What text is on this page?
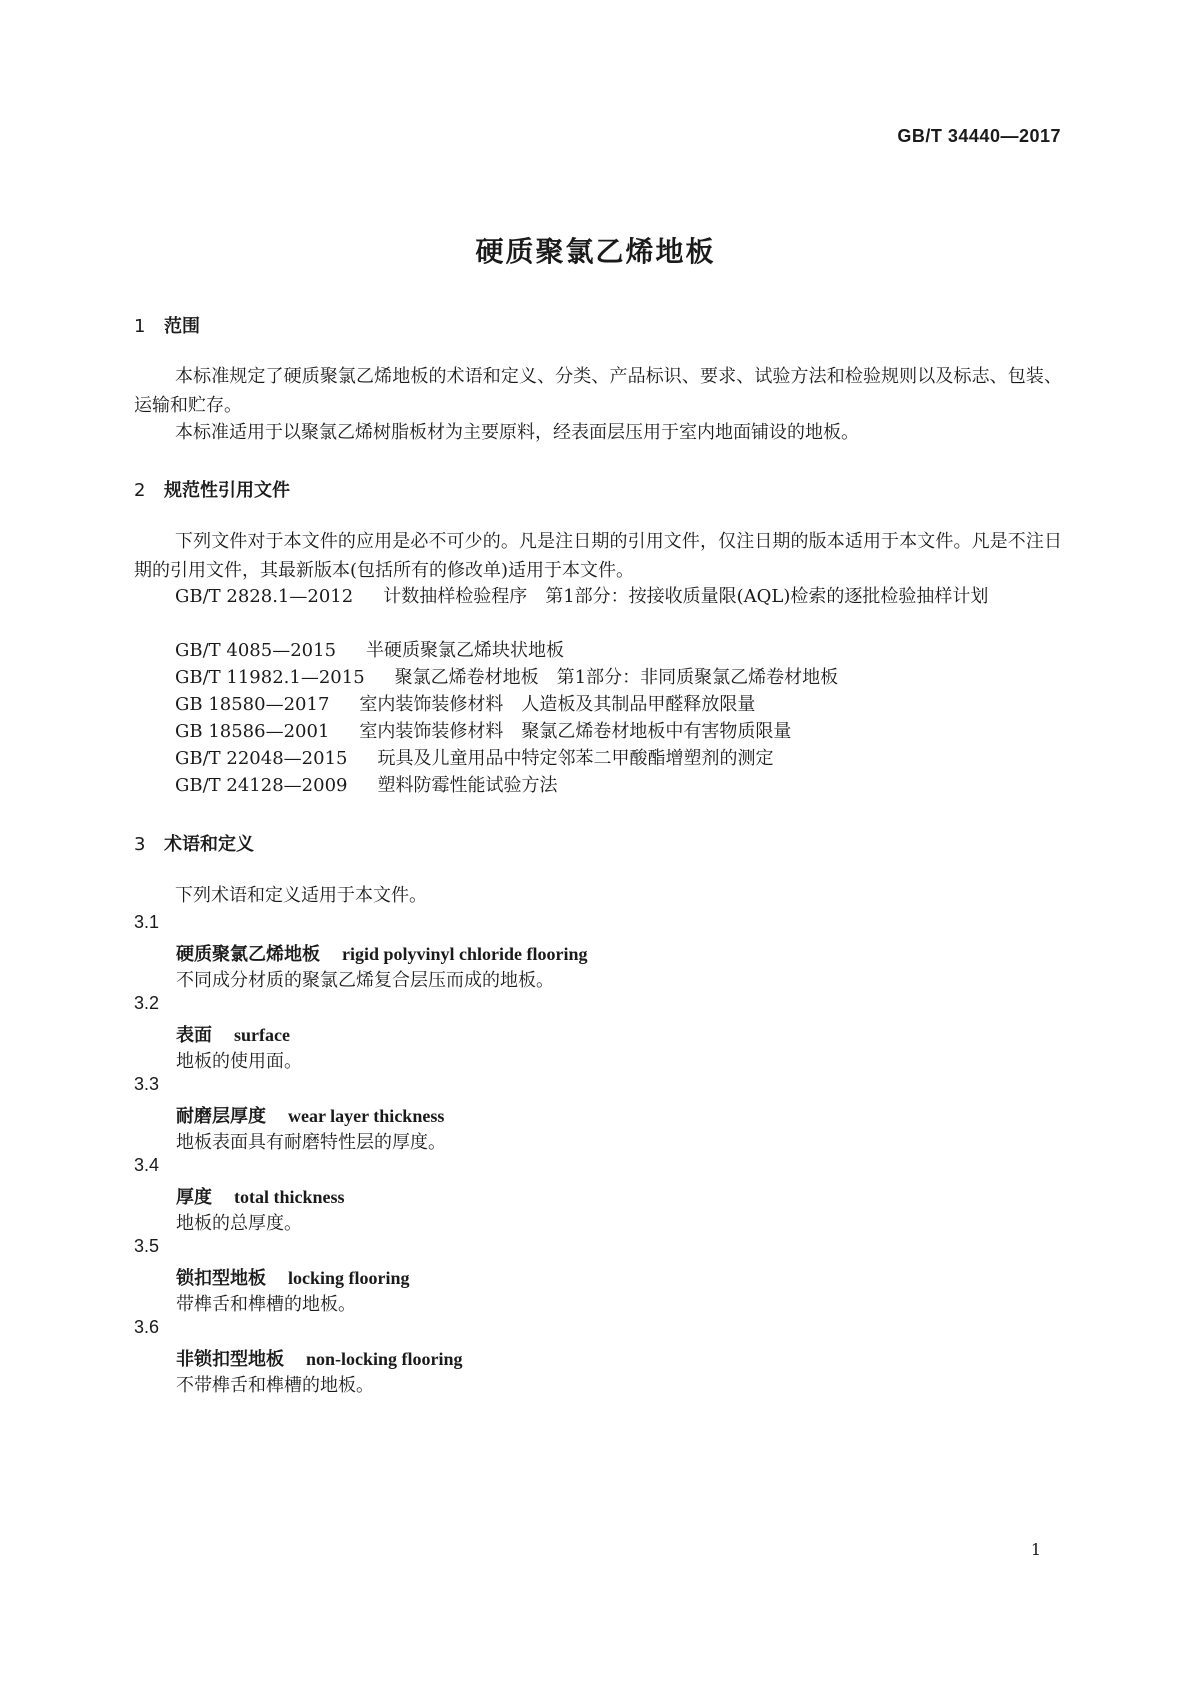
GB/T 34440—2017
硬质聚氯乙烯地板
1 范围
本标准规定了硬质聚氯乙烯地板的术语和定义、分类、产品标识、要求、试验方法和检验规则以及标志、包装、运输和贮存。
本标准适用于以聚氯乙烯树脂板材为主要原料，经表面层压用于室内地面铺设的地板。
2 规范性引用文件
下列文件对于本文件的应用是必不可少的。凡是注日期的引用文件，仅注日期的版本适用于本文件。凡是不注日期的引用文件，其最新版本(包括所有的修改单)适用于本文件。
GB/T 2828.1—2012 计数抽样检验程序　第1部分：按接收质量限(AQL)检索的逐批检验抽样计划
GB/T 4085—2015 半硬质聚氯乙烯块状地板
GB/T 11982.1—2015 聚氯乙烯卷材地板　第1部分：非同质聚氯乙烯卷材地板
GB 18580—2017 室内装饰装修材料　人造板及其制品甲醛释放限量
GB 18586—2001 室内装饰装修材料　聚氯乙烯卷材地板中有害物质限量
GB/T 22048—2015 玩具及儿童用品中特定邻苯二甲酸酯增塑剂的测定
GB/T 24128—2009 塑料防霉性能试验方法
3 术语和定义
下列术语和定义适用于本文件。
3.1
硬质聚氯乙烯地板 rigid polyvinyl chloride flooring
不同成分材质的聚氯乙烯复合层压而成的地板。
3.2
表面 surface
地板的使用面。
3.3
耐磨层厚度 wear layer thickness
地板表面具有耐磨特性层的厚度。
3.4
厚度 total thickness
地板的总厚度。
3.5
锁扣型地板 locking flooring
带榫舌和榫槽的地板。
3.6
非锁扣型地板 non-locking flooring
不带榫舌和榫槽的地板。
1
